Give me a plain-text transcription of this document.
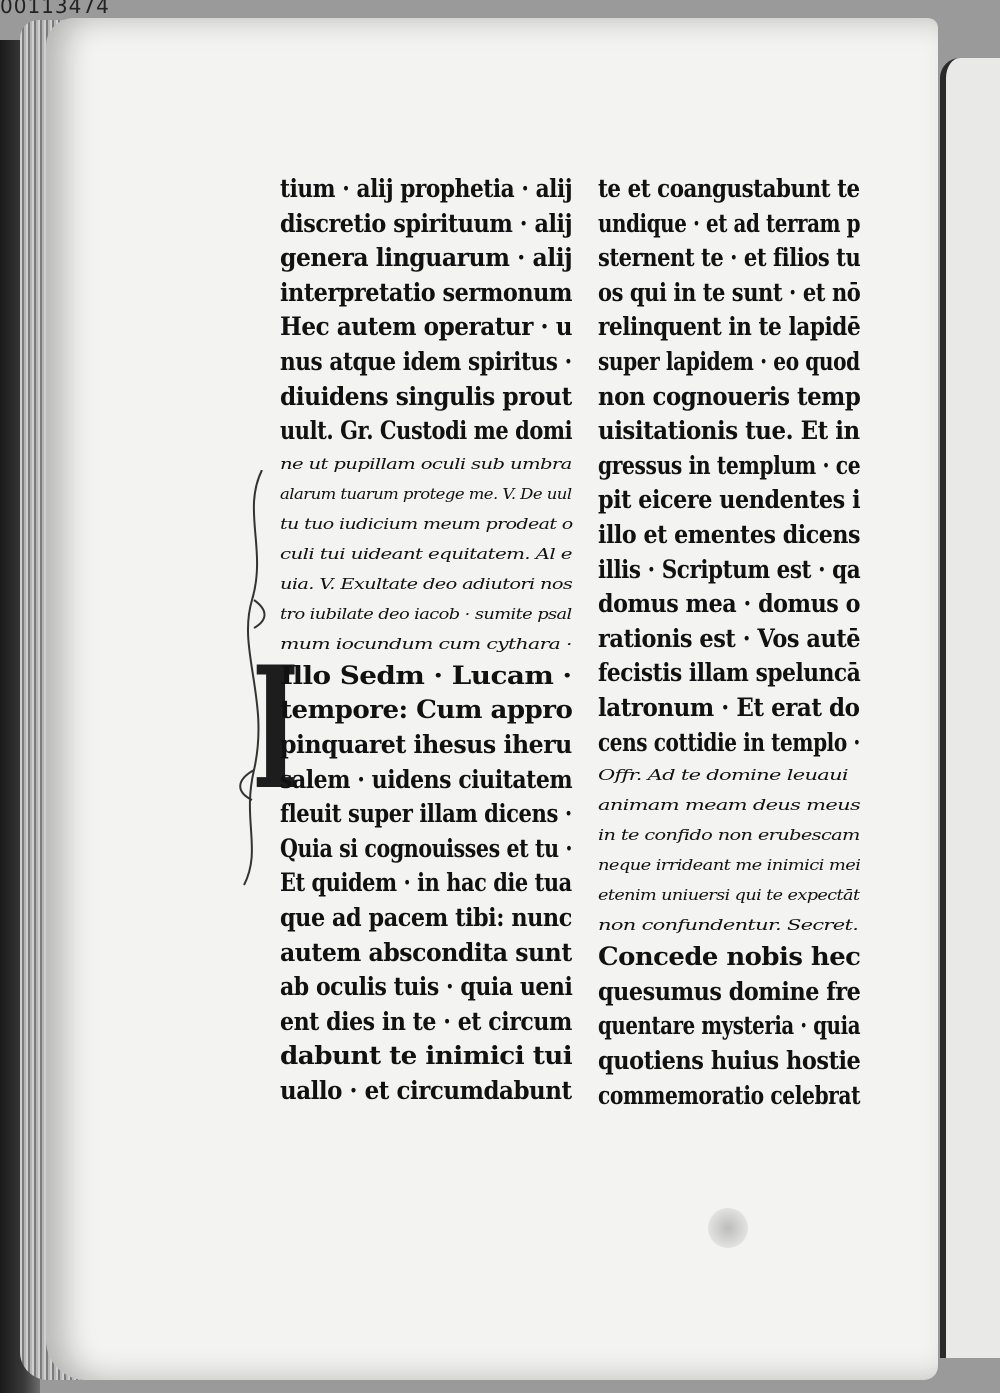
00113474
I
tium · alij prophetia · alij
discretio spirituum · alij
genera linguarum · alij
interpretatio sermonum
Hec autem operatur · u
nus atque idem spiritus ·
diuidens singulis prout
uult. Gr. Custodi me domi
ne ut pupillam oculi sub umbra
alarum tuarum protege me. V. De uul
tu tuo iudicium meum prodeat o
culi tui uideant equitatem. Al e
uia. V. Exultate deo adiutori nos
tro iubilate deo iacob · sumite psal
mum iocundum cum cythara ·
Illo Sedm · Lucam ·
tempore: Cum appro
pinquaret ihesus iheru
salem · uidens ciuitatem
fleuit super illam dicens ·
Quia si cognouisses et tu ·
Et quidem · in hac die tua
que ad pacem tibi: nunc
autem abscondita sunt
ab oculis tuis · quia ueni
ent dies in te · et circum
dabunt te inimici tui
uallo · et circumdabunt
te et coangustabunt te
undique · et ad terram p
sternent te · et filios tu
os qui in te sunt · et nō
relinquent in te lapidē
super lapidem · eo quod
non cognoueris temp
uisitationis tue. Et in
gressus in templum · ce
pit eicere uendentes i
illo et ementes dicens
illis · Scriptum est · qa
domus mea · domus o
rationis est · Vos autē
fecistis illam speluncā
latronum · Et erat do
cens cottidie in templo ·
Offr. Ad te domine leuaui
animam meam deus meus
in te confido non erubescam
neque irrideant me inimici mei
etenim uniuersi qui te expectāt
non confundentur. Secret.
Concede nobis hec
quesumus domine fre
quentare mysteria · quia
quotiens huius hostie
commemoratio celebrat
